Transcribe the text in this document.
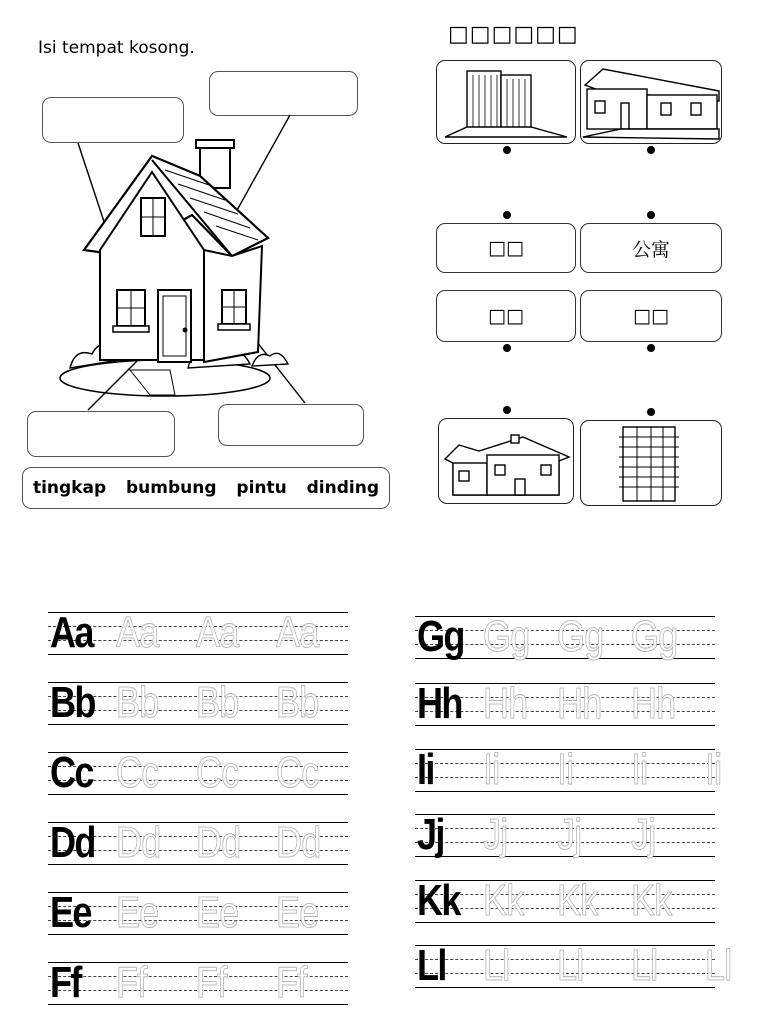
Isi tempat kosong.
tingkap bumbung pintu dinding
□□□□□□
□□	公寓
□□	□□
Aa Aa Aa Aa
Bb Bb Bb Bb
Cc Cc Cc Cc
Dd Dd Dd Dd
Ee Ee Ee Ee
Ff Ff Ff Ff
Gg Gg Gg Gg
Hh Hh Hh Hh
Ii Ii Ii Ii Ii
Jj Jj Jj Jj
Kk Kk Kk Kk
Ll Ll Ll Ll Ll
